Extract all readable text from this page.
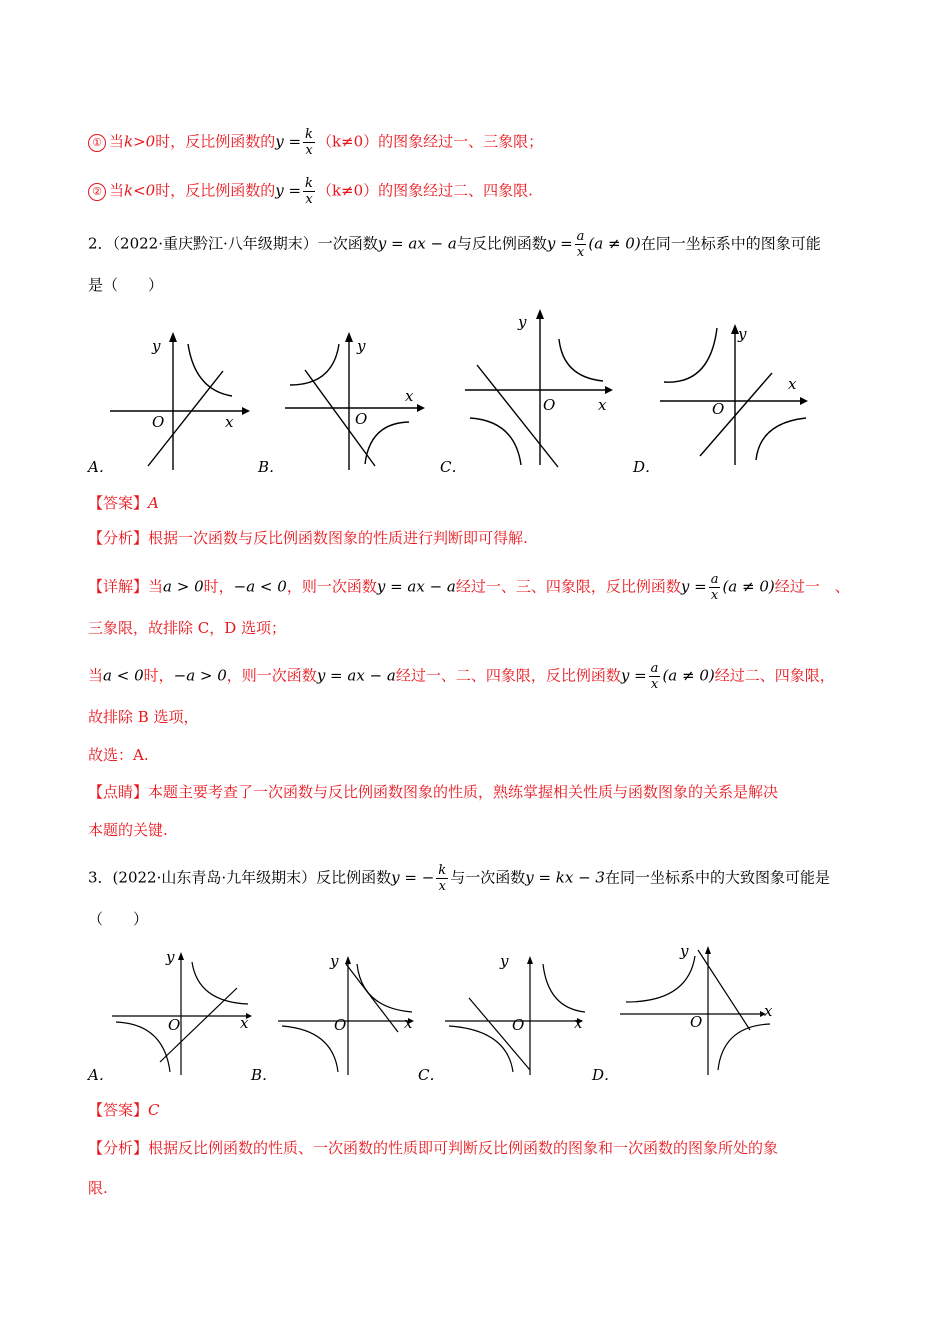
① 当k>0时，反比例函数的$y = \frac{k}{x} (k\ne 0)$的图象经过一、三象限；
② 当k<0时，反比例函数的$y = \frac{k}{x} (k\ne 0)$的图象经过二、四象限.
2．（2022·重庆黔江·八年级期末）一次函数y = ax − a与反比例函数$y = \frac{a}{x} (a \ne 0)$在同一坐标系中的图象可能
是（　　）
y
O	x
A．
y
O
x
B．
y
O	x
C．
y
O
x
D．
【答案】A
【分析】根据一次函数与反比例函数图象的性质进行判断即可得解.
【详解】当a > 0时，−a < 0，则一次函数y = ax − a经过一、三、四象限，反比例函数$y = \frac{a}{x} (a \ne 0)$经过一　、
三象限，故排除 C，D 选项；
当a < 0时，−a > 0，则一次函数y = ax − a经过一、二、四象限，反比例函数$y = \frac{a}{x} (a \ne 0)$经过二、四象限，
故排除 B 选项，
故选：A.
【点睛】本题主要考查了一次函数与反比例函数图象的性质，熟练掌握相关性质与函数图象的关系是解决
本题的关键.
3．(2022·山东青岛·九年级期末）反比例函数y = − $\frac{k}{x}$ 与一次函数y = kx − 3在同一坐标系中的大致图象可能是
（　　）
y
O	x
A．
y
O	x
B．
y
O	x
C．
y
O
x
D．
【答案】C
【分析】根据反比例函数的性质、一次函数的性质即可判断反比例函数的图象和一次函数的图象所处的象
限.
